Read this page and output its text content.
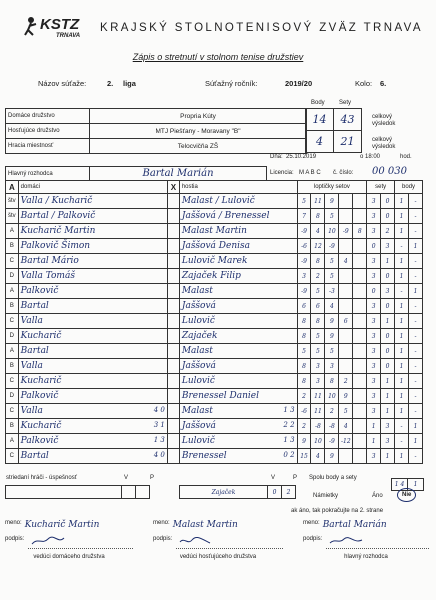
KSTZ
TRNAVA
KRAJSKÝ STOLNOTENISOVÝ ZVÄZ TRNAVA
Zápis o stretnutí v stolnom tenise družstiev
Názov súťaže:	2. liga	Súťažný ročník:	2019/20	Kolo: 6.
Domáce družstvo	Propria Kúty
Hosťujúce družstvo	MTJ Piešťany - Moravany "B"
Hracia miestnosť	Telocvičňa ZŠ
Body Sety
14	43
4	21
celkový výsledok
celkový výsledok
Dňa: 25.10.2019	o 18:00	hod.
Hlavný rozhodca	Bartal Marián	Licencia: M A B C č. číslo: 00 030
A	domáci	X	hostia	loptičky setov					sety		body	
štv	Valla / Kucharič		Malast / Lulovič	5	11	9			3	0	1	-
štv	Bartal / Palkovič		Jaššová / Brenessel	7	8	5			3	0	1	-
A	Kucharič Martin		Malast Martin	-9	4	10	-9	8	3	2	1	-
B	Palkovič Šimon		Jaššová Denisa	-6	12	-9			0	3	-	1
C	Bartal Mário		Lulovič Marek	-9	8	5	4		3	1	1	-
D	Valla Tomáš		Zajaček Filip	3	2	5			3	0	1	-
A	Palkovič		Malast	-9	5	-3			0	3	-	1
B	Bartal		Jaššová	6	6	4			3	0	1	-
C	Valla		Lulovič	8	8	9	6		3	1	1	-
D	Kucharič		Zajaček	8	5	9			3	0	1	-
A	Bartal		Malast	5	5	5			3	0	1	-
B	Valla		Jaššová	8	3	3			3	0	1	-
C	Kucharič		Lulovič	8	3	8	2		3	1	1	-
D	Palkovič		Brenessel Daniel	2	11	10	9		3	1	1	-
C	Valla 4 0		Malast 1 3	-6	11	2	5		3	1	1	-
B	Kucharič 3 1		Jaššová 2 2	2	-8	-8	4		1	3	-	1
A	Palkovič 1 3		Lulovič 1 3	9	10	-9	-12		1	3	-	1
C	Bartal 4 0		Brenessel 0 2	15	4	9			3	1	1	-
striedaní hráči - úspešnosť	V	P	V	P Spolu body a sety
				Zajaček	0	2
1 4	1
Námietky	Áno	Nie
ak áno, tak pokračujte na 2. strane
meno: Kucharič Martin
podpis:
vedúci domáceho družstva
meno: Malast Martin
podpis:
vedúci hosťujúceho družstva
meno: Bartal Marián
podpis:
hlavný rozhodca
